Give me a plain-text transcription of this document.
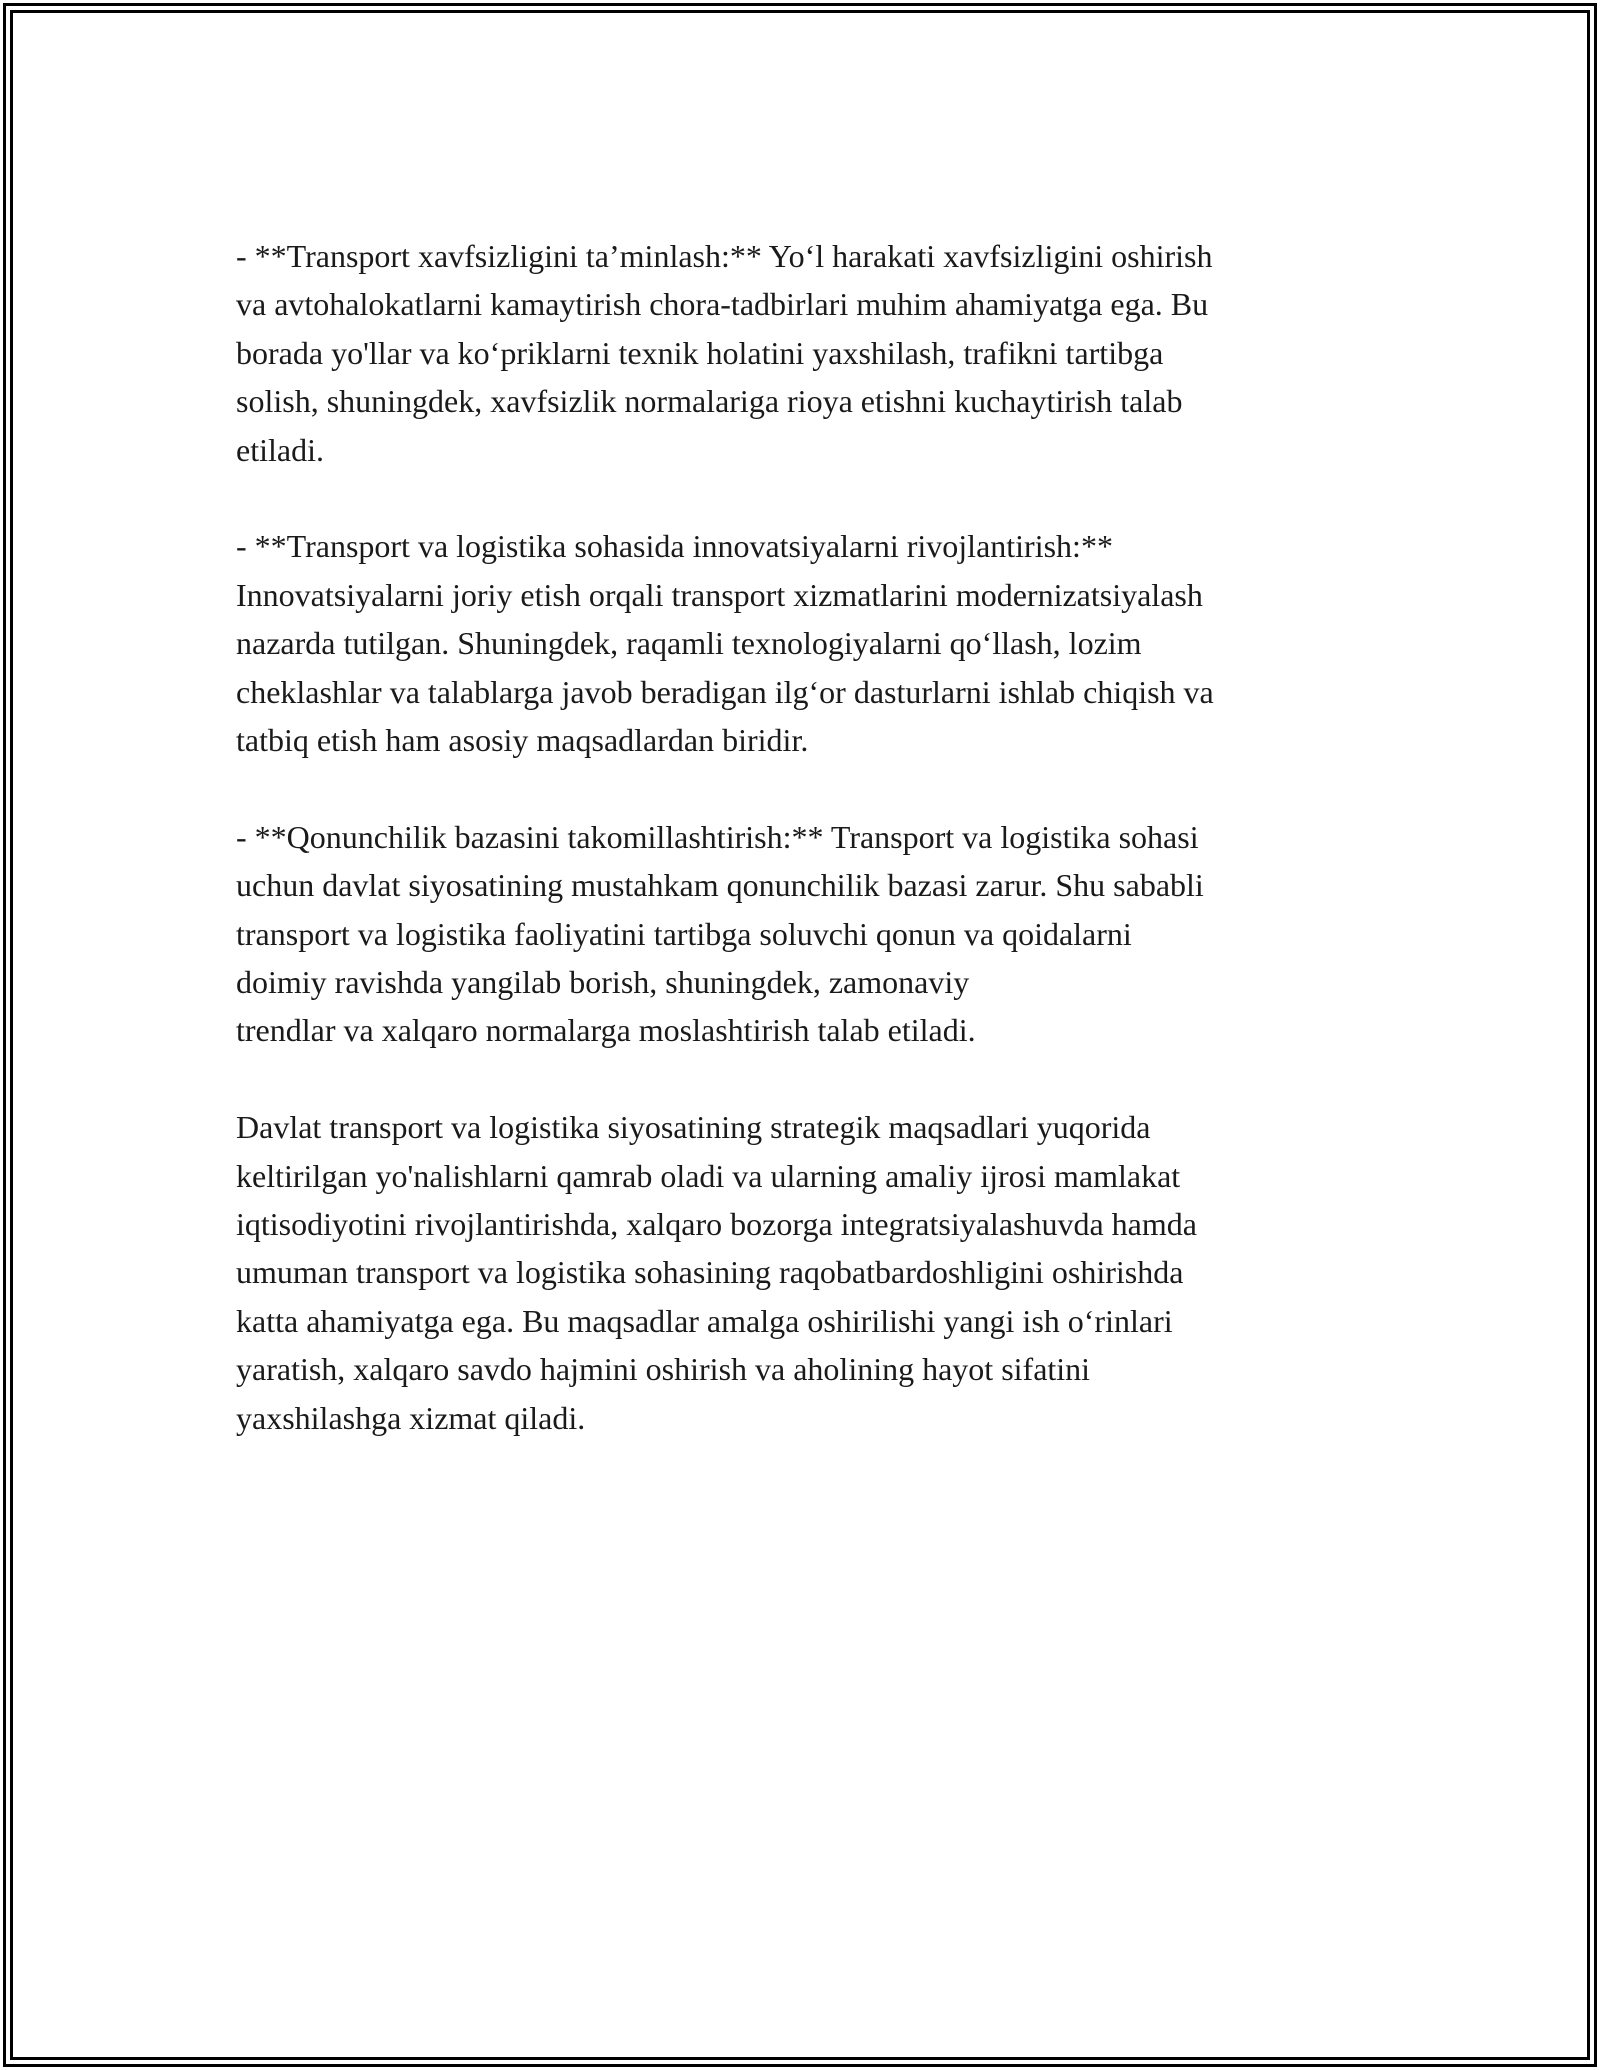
- **Transport xavfsizligini ta’minlash:** Yo‘l harakati xavfsizligini oshirish
va avtohalokatlarni kamaytirish chora-tadbirlari muhim ahamiyatga ega. Bu
borada yo'llar va ko‘priklarni texnik holatini yaxshilash, trafikni tartibga
solish, shuningdek, xavfsizlik normalariga rioya etishni kuchaytirish talab
etiladi.

- **Transport va logistika sohasida innovatsiyalarni rivojlantirish:**
Innovatsiyalarni joriy etish orqali transport xizmatlarini modernizatsiyalash
nazarda tutilgan. Shuningdek, raqamli texnologiyalarni qo‘llash, lozim
cheklashlar va talablarga javob beradigan ilg‘or dasturlarni ishlab chiqish va
tatbiq etish ham asosiy maqsadlardan biridir.

- **Qonunchilik bazasini takomillashtirish:** Transport va logistika sohasi
uchun davlat siyosatining mustahkam qonunchilik bazasi zarur. Shu sababli
transport va logistika faoliyatini tartibga soluvchi qonun va qoidalarni
doimiy ravishda yangilab borish, shuningdek, zamonaviy
trendlar va xalqaro normalarga moslashtirish talab etiladi.

Davlat transport va logistika siyosatining strategik maqsadlari yuqorida
keltirilgan yo'nalishlarni qamrab oladi va ularning amaliy ijrosi mamlakat
iqtisodiyotini rivojlantirishda, xalqaro bozorga integratsiyalashuvda hamda
umuman transport va logistika sohasining raqobatbardoshligini oshirishda
katta ahamiyatga ega. Bu maqsadlar amalga oshirilishi yangi ish o‘rinlari
yaratish, xalqaro savdo hajmini oshirish va aholining hayot sifatini
yaxshilashga xizmat qiladi.
